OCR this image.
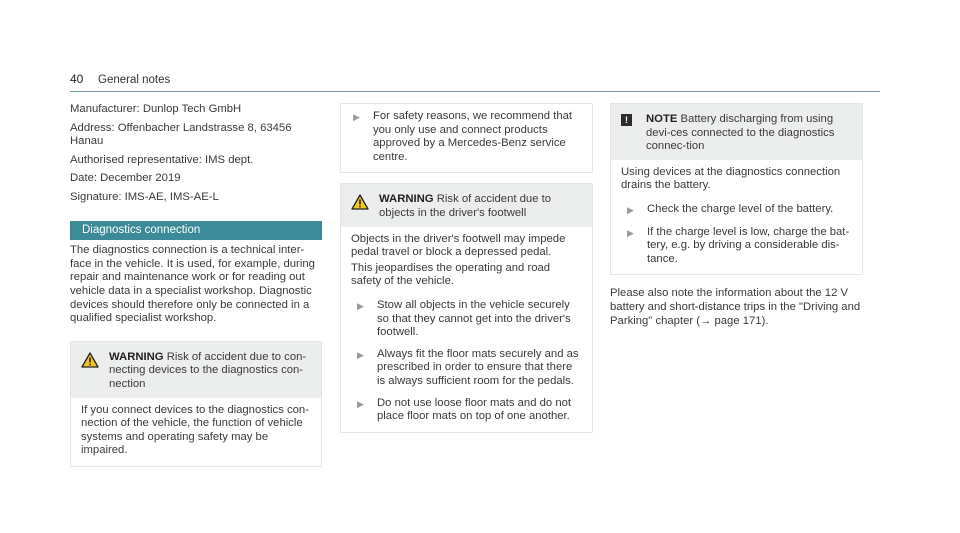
40 General notes

Manufacturer: Dunlop Tech GmbH

Address: Offenbacher Landstrasse 8, 63456 Hanau

Authorised representative: IMS dept.

Date: December 2019

Signature: IMS-AE, IMS-AE-L

Diagnostics connection

The diagnostics connection is a technical inter-face in the vehicle. It is used, for example, during repair and maintenance work or for reading out vehicle data in a specialist workshop. Diagnostic devices should therefore only be connected in a qualified specialist workshop.

WARNING Risk of accident due to con-necting devices to the diagnostics con-nection

If you connect devices to the diagnostics con-nection of the vehicle, the function of vehicle systems and operating safety may be impaired.

▶	For safety reasons, we recommend that you only use and connect products approved by a Mercedes-Benz service centre.
WARNING Risk of accident due to objects in the driver's footwell

Objects in the driver's footwell may impede pedal travel or block a depressed pedal.

This jeopardises the operating and road safety of the vehicle.

▶	Stow all objects in the vehicle securely so that they cannot get into the driver's footwell.
▶	Always fit the floor mats securely and as prescribed in order to ensure that there is always sufficient room for the pedals.
▶	Do not use loose floor mats and do not place floor mats on top of one another.
!	NOTE Battery discharging from using devi-ces connected to the diagnostics connec-tion

Using devices at the diagnostics connection drains the battery.

▶	Check the charge level of the battery.
▶	If the charge level is low, charge the bat-tery, e.g. by driving a considerable dis-tance.

Please also note the information about the 12 V battery and short-distance trips in the "Driving and Parking" chapter (→ page 171).
